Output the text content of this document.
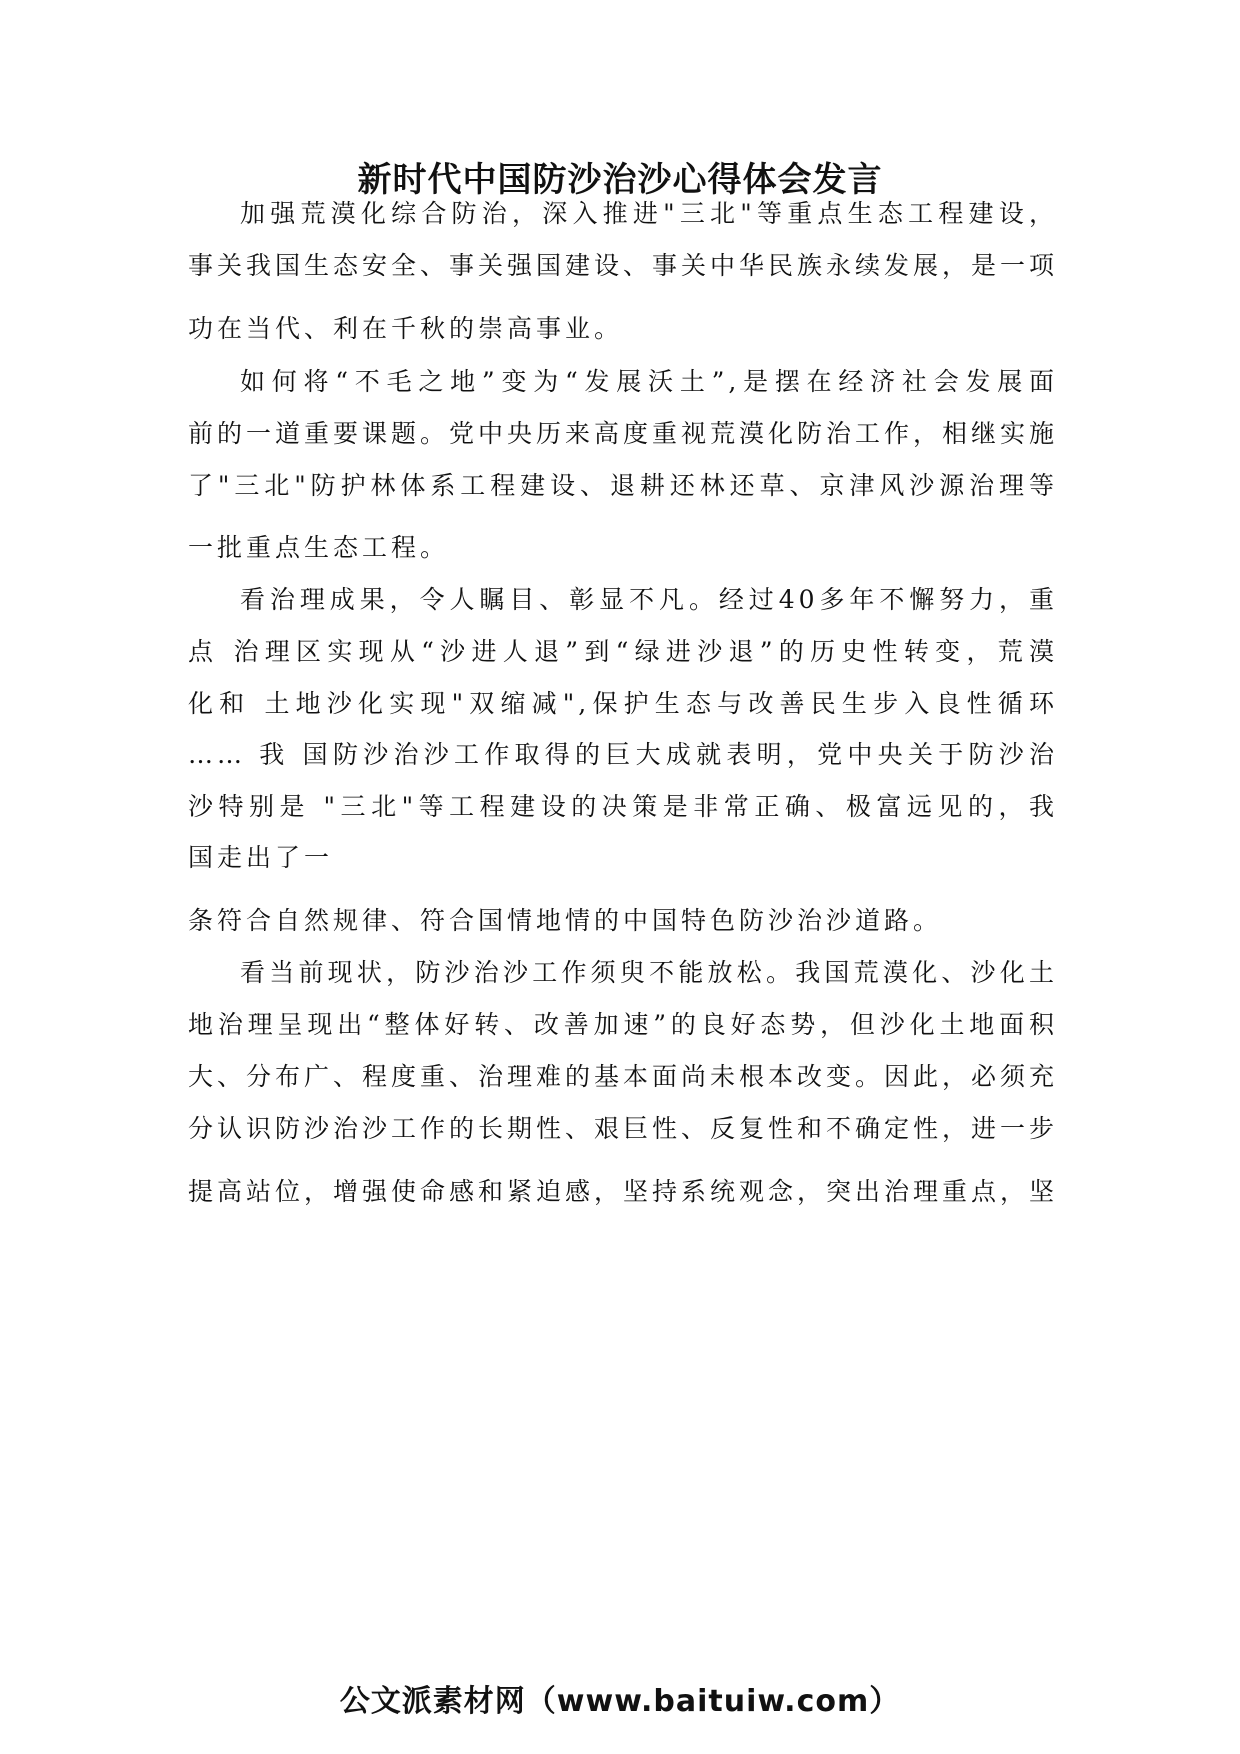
新时代中国防沙治沙心得体会发言
加强荒漠化综合防治，深入推进"三北"等重点生态工程建设，
事关我国生态安全、事关强国建设、事关中华民族永续发展，是一项
功在当代、利在千秋的崇高事业。
如何将“不毛之地”变为“发展沃土”,是摆在经济社会发展面
前的一道重要课题。党中央历来高度重视荒漠化防治工作，相继实施
了"三北"防护林体系工程建设、退耕还林还草、京津风沙源治理等
一批重点生态工程。
看治理成果，令人瞩目、彰显不凡。经过40多年不懈努力，重
点 治理区实现从“沙进人退”到“绿进沙退”的历史性转变，荒漠
化和 土地沙化实现"双缩减",保护生态与改善民生步入良性循环
…… 我 国防沙治沙工作取得的巨大成就表明，党中央关于防沙治
沙特别是 "三北"等工程建设的决策是非常正确、极富远见的，我
国走出了一
条符合自然规律、符合国情地情的中国特色防沙治沙道路。
看当前现状，防沙治沙工作须臾不能放松。我国荒漠化、沙化土
地治理呈现出“整体好转、改善加速”的良好态势，但沙化土地面积
大、分布广、程度重、治理难的基本面尚未根本改变。因此，必须充
分认识防沙治沙工作的长期性、艰巨性、反复性和不确定性，进一步
提高站位，增强使命感和紧迫感，坚持系统观念，突出治理重点，坚
公文派素材网（www.baituiw.com）
